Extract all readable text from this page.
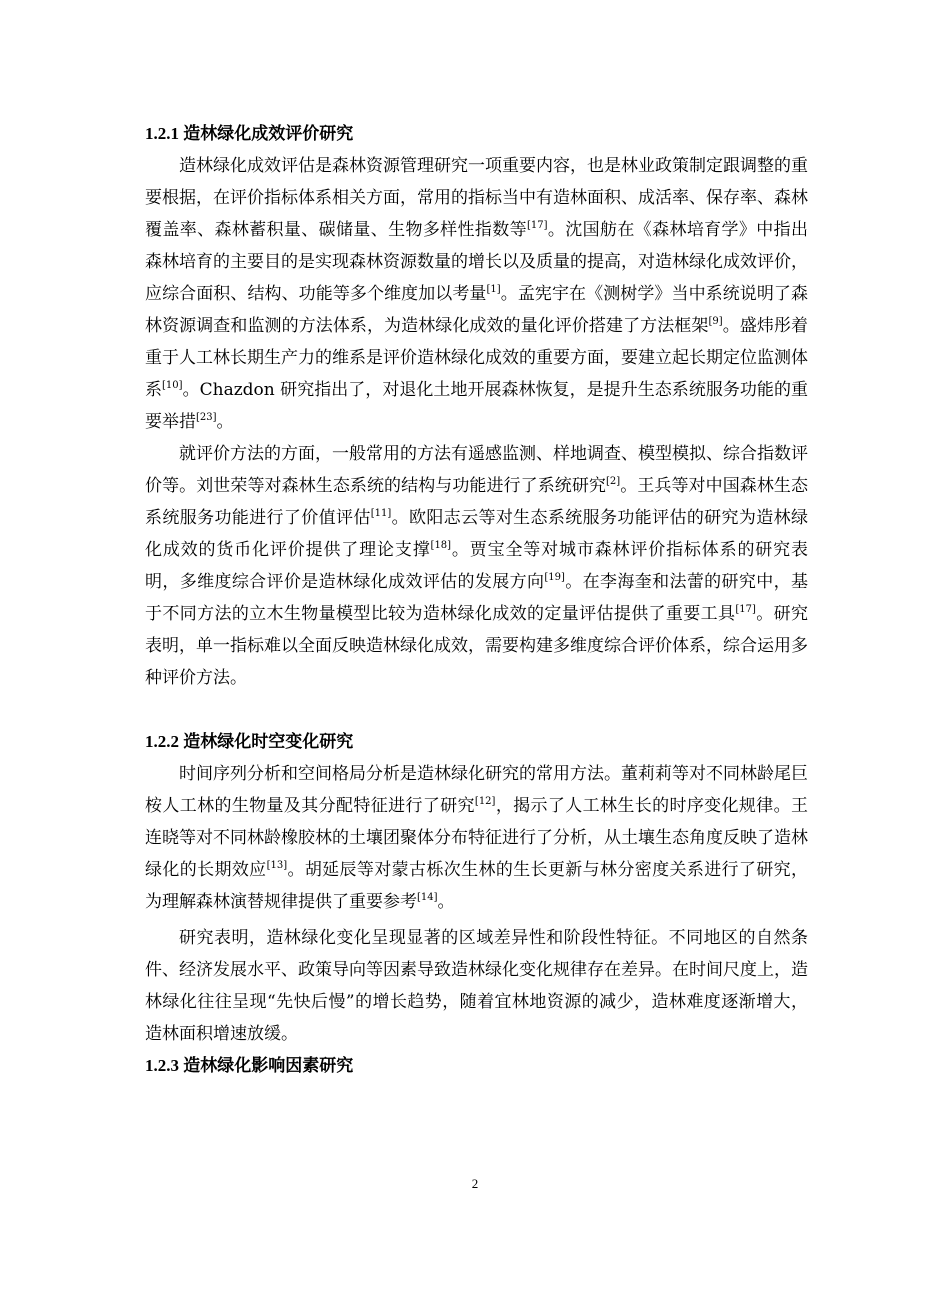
1.2.1 造林绿化成效评价研究

造林绿化成效评估是森林资源管理研究一项重要内容，也是林业政策制定跟调整的重要根据，在评价指标体系相关方面，常用的指标当中有造林面积、成活率、保存率、森林覆盖率、森林蓄积量、碳储量、生物多样性指数等[17]。沈国舫在《森林培育学》中指出森林培育的主要目的是实现森林资源数量的增长以及质量的提高，对造林绿化成效评价，应综合面积、结构、功能等多个维度加以考量[1]。孟宪宇在《测树学》当中系统说明了森林资源调查和监测的方法体系，为造林绿化成效的量化评价搭建了方法框架[9]。盛炜彤着重于人工林长期生产力的维系是评价造林绿化成效的重要方面，要建立起长期定位监测体系[10]。Chazdon 研究指出了，对退化土地开展森林恢复，是提升生态系统服务功能的重要举措[23]。

就评价方法的方面，一般常用的方法有遥感监测、样地调查、模型模拟、综合指数评价等。刘世荣等对森林生态系统的结构与功能进行了系统研究[2]。王兵等对中国森林生态系统服务功能进行了价值评估[11]。欧阳志云等对生态系统服务功能评估的研究为造林绿化成效的货币化评价提供了理论支撑[18]。贾宝全等对城市森林评价指标体系的研究表明，多维度综合评价是造林绿化成效评估的发展方向[19]。在李海奎和法蕾的研究中，基于不同方法的立木生物量模型比较为造林绿化成效的定量评估提供了重要工具[17]。研究表明，单一指标难以全面反映造林绿化成效，需要构建多维度综合评价体系，综合运用多种评价方法。

1.2.2 造林绿化时空变化研究

时间序列分析和空间格局分析是造林绿化研究的常用方法。董莉莉等对不同林龄尾巨桉人工林的生物量及其分配特征进行了研究[12]，揭示了人工林生长的时序变化规律。王连晓等对不同林龄橡胶林的土壤团聚体分布特征进行了分析，从土壤生态角度反映了造林绿化的长期效应[13]。胡延辰等对蒙古栎次生林的生长更新与林分密度关系进行了研究，为理解森林演替规律提供了重要参考[14]。

研究表明，造林绿化变化呈现显著的区域差异性和阶段性特征。不同地区的自然条件、经济发展水平、政策导向等因素导致造林绿化变化规律存在差异。在时间尺度上，造林绿化往往呈现“先快后慢”的增长趋势，随着宜林地资源的减少，造林难度逐渐增大，造林面积增速放缓。

1.2.3 造林绿化影响因素研究
2
